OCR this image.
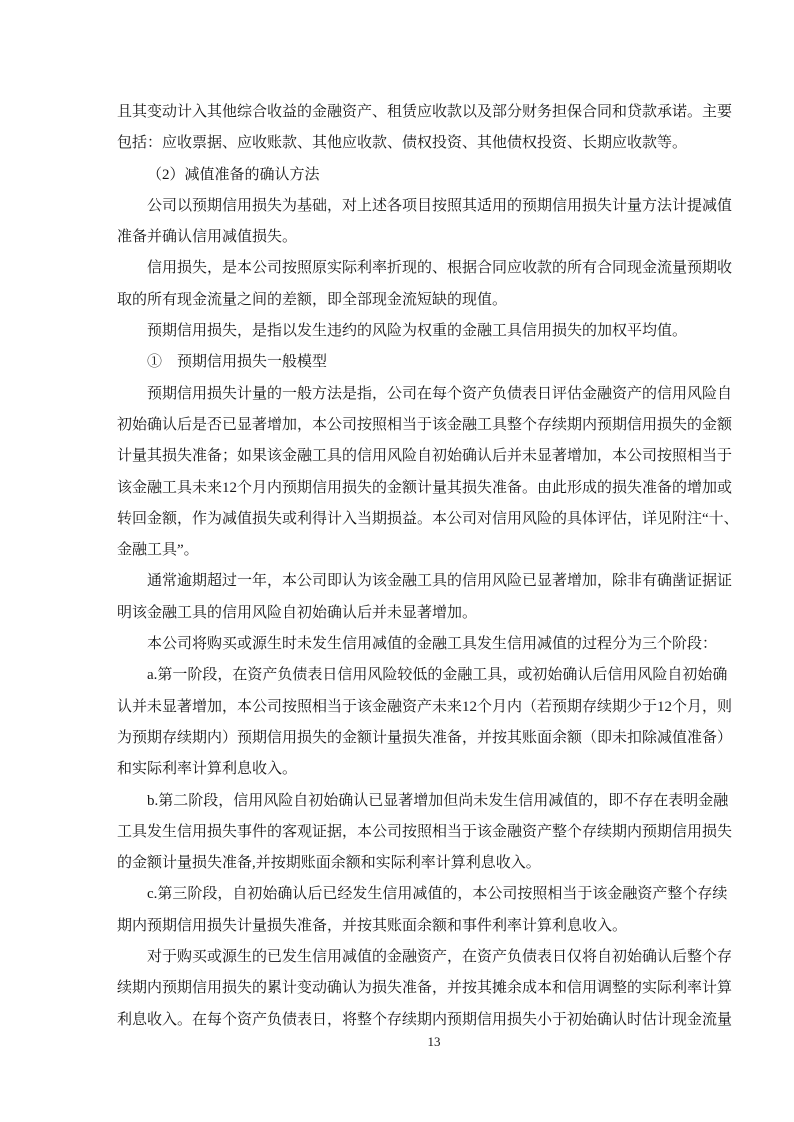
且其变动计入其他综合收益的金融资产、租赁应收款以及部分财务担保合同和贷款承诺。主要
包括：应收票据、应收账款、其他应收款、债权投资、其他债权投资、长期应收款等。
（2）减值准备的确认方法
公司以预期信用损失为基础，对上述各项目按照其适用的预期信用损失计量方法计提减值
准备并确认信用减值损失。
信用损失，是本公司按照原实际利率折现的、根据合同应收款的所有合同现金流量预期收
取的所有现金流量之间的差额，即全部现金流短缺的现值。
预期信用损失，是指以发生违约的风险为权重的金融工具信用损失的加权平均值。
①　预期信用损失一般模型
预期信用损失计量的一般方法是指，公司在每个资产负债表日评估金融资产的信用风险自
初始确认后是否已显著增加，本公司按照相当于该金融工具整个存续期内预期信用损失的金额
计量其损失准备；如果该金融工具的信用风险自初始确认后并未显著增加，本公司按照相当于
该金融工具未来12个月内预期信用损失的金额计量其损失准备。由此形成的损失准备的增加或
转回金额，作为减值损失或利得计入当期损益。本公司对信用风险的具体评估，详见附注“十、
金融工具”。
通常逾期超过一年，本公司即认为该金融工具的信用风险已显著增加，除非有确凿证据证
明该金融工具的信用风险自初始确认后并未显著增加。
本公司将购买或源生时未发生信用减值的金融工具发生信用减值的过程分为三个阶段：
a.第一阶段，在资产负债表日信用风险较低的金融工具，或初始确认后信用风险自初始确
认并未显著增加，本公司按照相当于该金融资产未来12个月内（若预期存续期少于12个月，则
为预期存续期内）预期信用损失的金额计量损失准备，并按其账面余额（即未扣除减值准备）
和实际利率计算利息收入。
b.第二阶段，信用风险自初始确认已显著增加但尚未发生信用减值的，即不存在表明金融
工具发生信用损失事件的客观证据，本公司按照相当于该金融资产整个存续期内预期信用损失
的金额计量损失准备,并按期账面余额和实际利率计算利息收入。
c.第三阶段，自初始确认后已经发生信用减值的，本公司按照相当于该金融资产整个存续
期内预期信用损失计量损失准备，并按其账面余额和事件利率计算利息收入。
对于购买或源生的已发生信用减值的金融资产，在资产负债表日仅将自初始确认后整个存
续期内预期信用损失的累计变动确认为损失准备，并按其摊余成本和信用调整的实际利率计算
利息收入。在每个资产负债表日，将整个存续期内预期信用损失小于初始确认时估计现金流量
13
